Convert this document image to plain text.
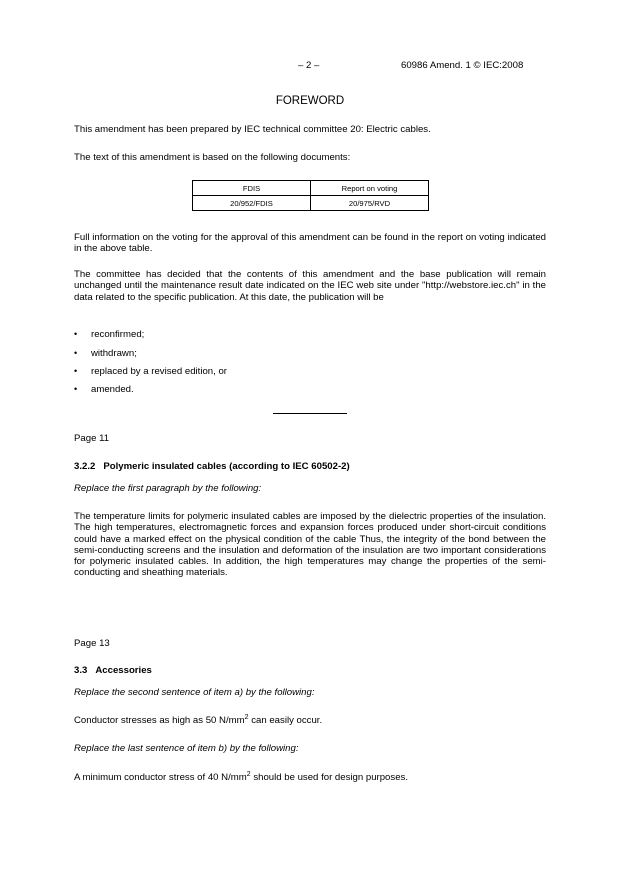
– 2 –	60986 Amend. 1 © IEC:2008
FOREWORD
This amendment has been prepared by IEC technical committee 20: Electric cables.
The text of this amendment is based on the following documents:
FDIS	Report on voting
20/952/FDIS	20/975/RVD
Full information on the voting for the approval of this amendment can be found in the report on voting indicated in the above table.
The committee has decided that the contents of this amendment and the base publication will remain unchanged until the maintenance result date indicated on the IEC web site under "http://webstore.iec.ch" in the data related to the specific publication. At this date, the publication will be
• reconfirmed;
• withdrawn;
• replaced by a revised edition, or
• amended.
Page 11
3.2.2 Polymeric insulated cables (according to IEC 60502-2)
Replace the first paragraph by the following:
The temperature limits for polymeric insulated cables are imposed by the dielectric properties of the insulation. The high temperatures, electromagnetic forces and expansion forces produced under short-circuit conditions could have a marked effect on the physical condition of the cable Thus, the integrity of the bond between the semi-conducting screens and the insulation and deformation of the insulation are two important considerations for polymeric insulated cables. In addition, the high temperatures may change the properties of the semi-conducting and sheathing materials.
Page 13
3.3 Accessories
Replace the second sentence of item a) by the following:
Conductor stresses as high as 50 $N/mm^2$ can easily occur.
Replace the last sentence of item b) by the following:
A minimum conductor stress of 40 $N/mm^2$ should be used for design purposes.
